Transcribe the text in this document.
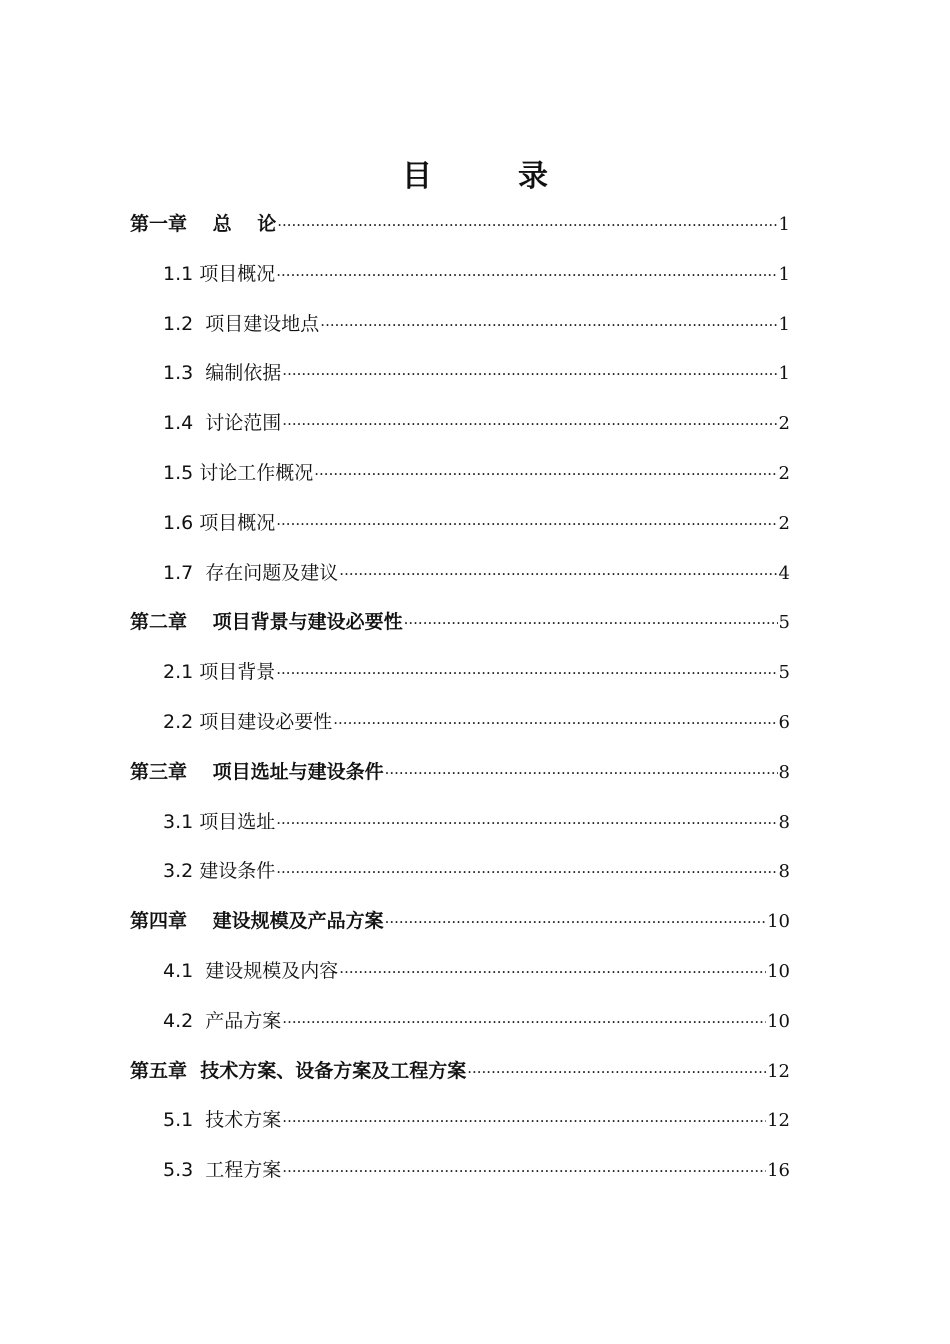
目　录
第一章　 总　 论 ·····	1
1.1 项目概况 ·····	1
1.2  项目建设地点 ·····	1
1.3  编制依据 ·····	1
1.4  讨论范围 ·····	2
1.5 讨论工作概况 ·····	2
1.6 项目概况 ·····	2
1.7  存在问题及建议 ·····	4
第二章　 项目背景与建设必要性 ·····	5
2.1 项目背景 ·····	5
2.2 项目建设必要性 ·····	6
第三章　 项目选址与建设条件 ·····	8
3.1 项目选址 ·····	8
3.2 建设条件 ·····	8
第四章　 建设规模及产品方案 ·····	10
4.1  建设规模及内容 ·····	10
4.2  产品方案 ·····	10
第五章  技术方案、设备方案及工程方案 ·····	12
5.1  技术方案 ·····	12
5.3  工程方案 ·····	16
